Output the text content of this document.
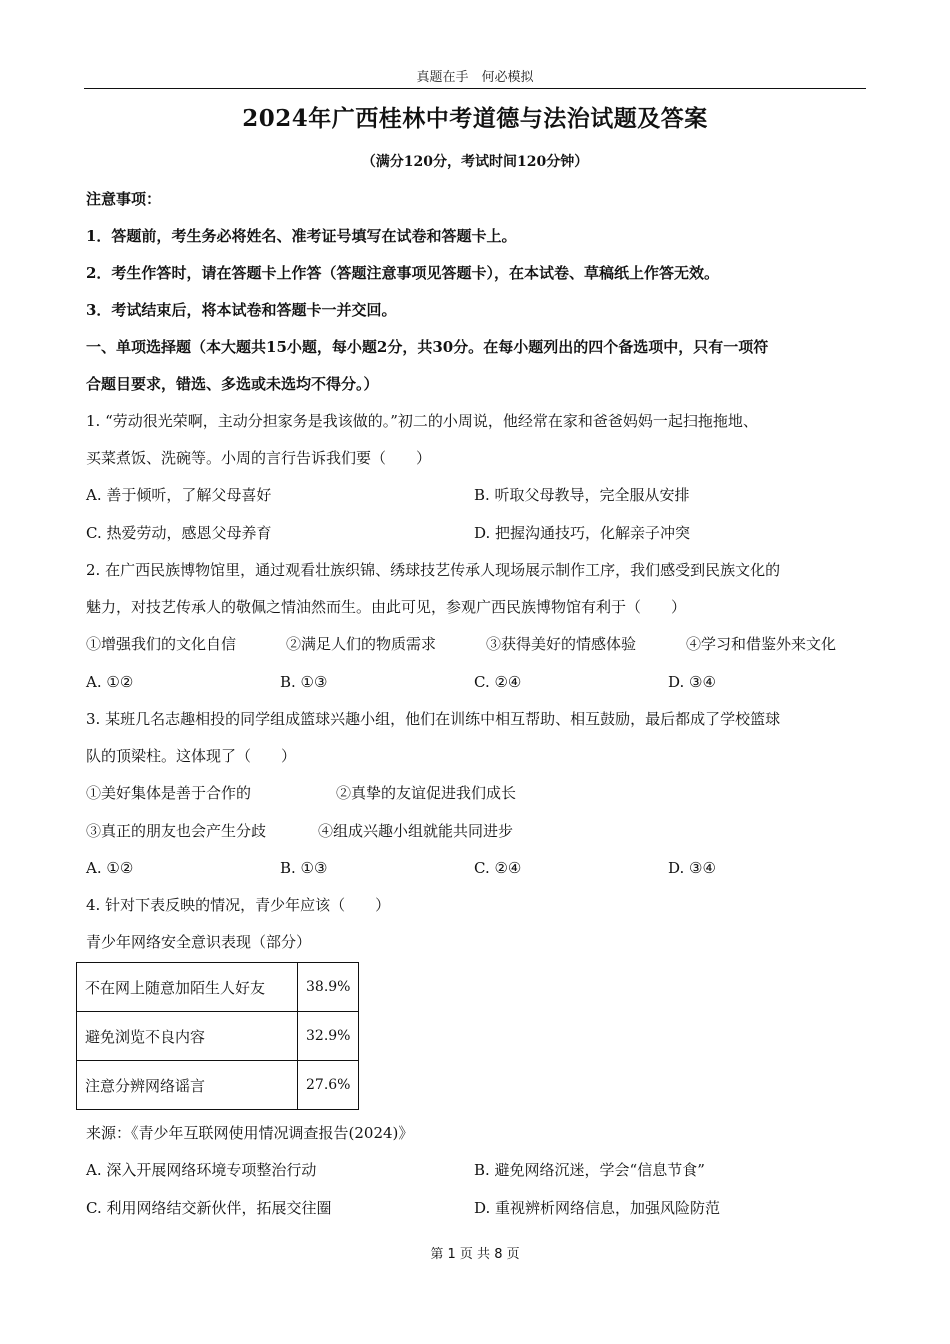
真题在手　何必模拟
2024年广西桂林中考道德与法治试题及答案
（满分120分，考试时间120分钟）
注意事项：
1．答题前，考生务必将姓名、准考证号填写在试卷和答题卡上。
2．考生作答时，请在答题卡上作答（答题注意事项见答题卡），在本试卷、草稿纸上作答无效。
3．考试结束后，将本试卷和答题卡一并交回。
一、单项选择题（本大题共15小题，每小题2分，共30分。在每小题列出的四个备选项中，只有一项符
合题目要求，错选、多选或未选均不得分。）
1. “劳动很光荣啊，主动分担家务是我该做的。”初二的小周说，他经常在家和爸爸妈妈一起扫拖拖地、
买菜煮饭、洗碗等。小周的言行告诉我们要（　　）
A. 善于倾听，了解父母喜好	B. 听取父母教导，完全服从安排
C. 热爱劳动，感恩父母养育	D. 把握沟通技巧，化解亲子冲突
2. 在广西民族博物馆里，通过观看壮族织锦、绣球技艺传承人现场展示制作工序，我们感受到民族文化的
魅力，对技艺传承人的敬佩之情油然而生。由此可见，参观广西民族博物馆有利于（　　）
①增强我们的文化自信	②满足人们的物质需求	③获得美好的情感体验	④学习和借鉴外来文化
A. ①②	B. ①③	C. ②④	D. ③④
3. 某班几名志趣相投的同学组成篮球兴趣小组，他们在训练中相互帮助、相互鼓励，最后都成了学校篮球
队的顶梁柱。这体现了（　　）
①美好集体是善于合作的	②真挚的友谊促进我们成长
③真正的朋友也会产生分歧	④组成兴趣小组就能共同进步
A. ①②	B. ①③	C. ②④	D. ③④
4. 针对下表反映的情况，青少年应该（　　）
青少年网络安全意识表现（部分）
不在网上随意加陌生人好友	38.9%
避免浏览不良内容	32.9%
注意分辨网络谣言	27.6%
来源：《青少年互联网使用情况调查报告(2024)》
A. 深入开展网络环境专项整治行动	B. 避免网络沉迷，学会“信息节食”
C. 利用网络结交新伙伴，拓展交往圈	D. 重视辨析网络信息，加强风险防范
第 1 页 共 8 页
